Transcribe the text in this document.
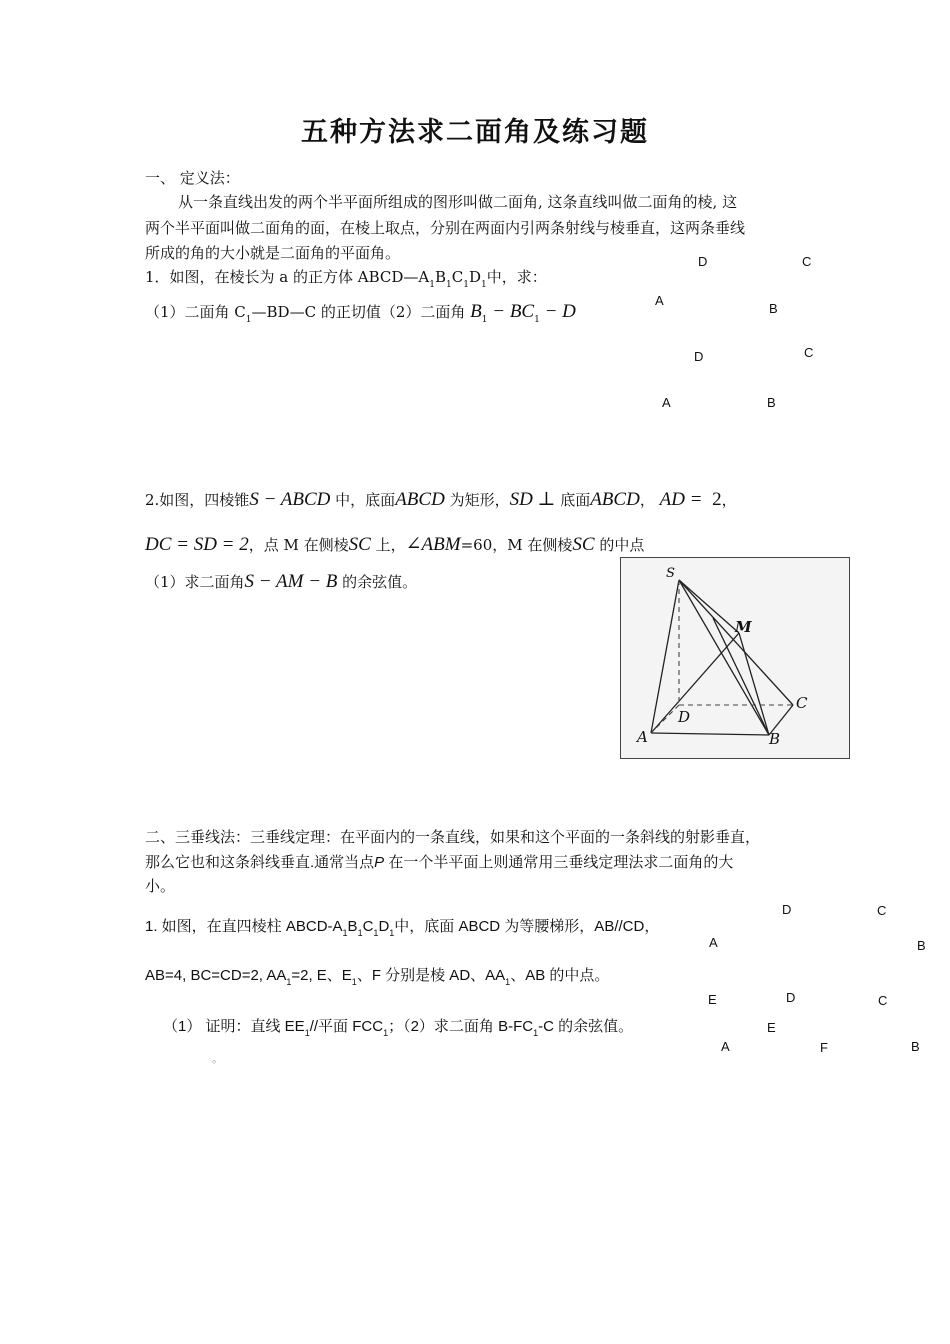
五种方法求二面角及练习题
一、 定义法：
从一条直线出发的两个半平面所组成的图形叫做二面角, 这条直线叫做二面角的棱, 这
两个半平面叫做二面角的面，在棱上取点，分别在两面内引两条射线与棱垂直，这两条垂线
所成的角的大小就是二面角的平面角。
1．如图，在棱长为 a 的正方体 $ABCD—A_1B_1C_1D_1$中，求：
（1）二面角 $C_1—BD—C$ 的正切值（2）二面角 $B_1 - BC_1 - D$
D	C
A
B
D	C
A	B
2.如图，四棱锥S − ABCD 中，底面ABCD 为矩形，SD ⊥ 底面ABCD， AD = 2，
DC = SD = 2，点 M 在侧棱SC 上，∠ABM=60，M 在侧棱SC 的中点
（1）求二面角S − AM − B 的余弦值。	S
M
C
D
A	B
二、三垂线法：三垂线定理：在平面内的一条直线，如果和这个平面的一条斜线的射影垂直，
那么它也和这条斜线垂直.通常当点P 在一个半平面上则通常用三垂线定理法求二面角的大
小。
1. 如图，在直四棱柱 ABCD-$A_1B_1C_1D_1$中，底面 ABCD 为等腰梯形，AB//CD，
AB=4, BC=CD=2, $AA_1=2$, E、$E_1$、F 分别是棱 AD、$AA_1$、AB 的中点。
（1） 证明：直线 $EE_1//$平面 $FCC_1$；（2）求二面角 $B-FC_1-C$ 的余弦值。
。
D	C
A	B
E	D	C
E
A	F	B
